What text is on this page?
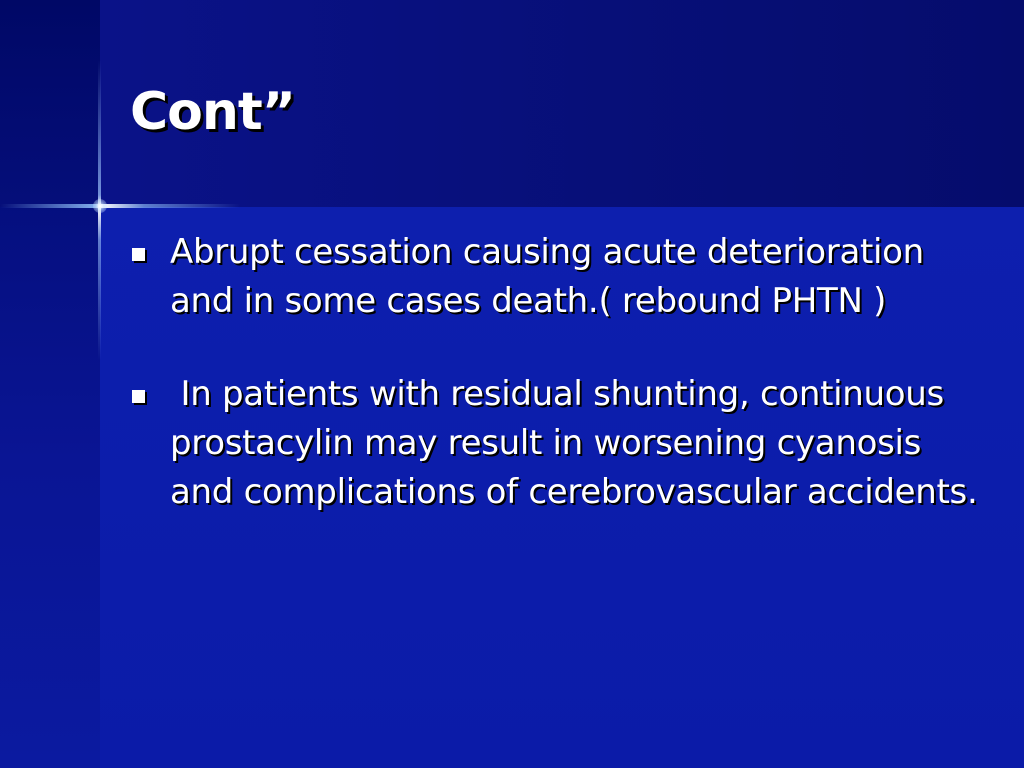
Cont”
Abrupt cessation causing acute deterioration and in some cases death.( rebound PHTN )
In patients with residual shunting, continuous prostacylin may result in worsening cyanosis and complications of cerebrovascular accidents.
